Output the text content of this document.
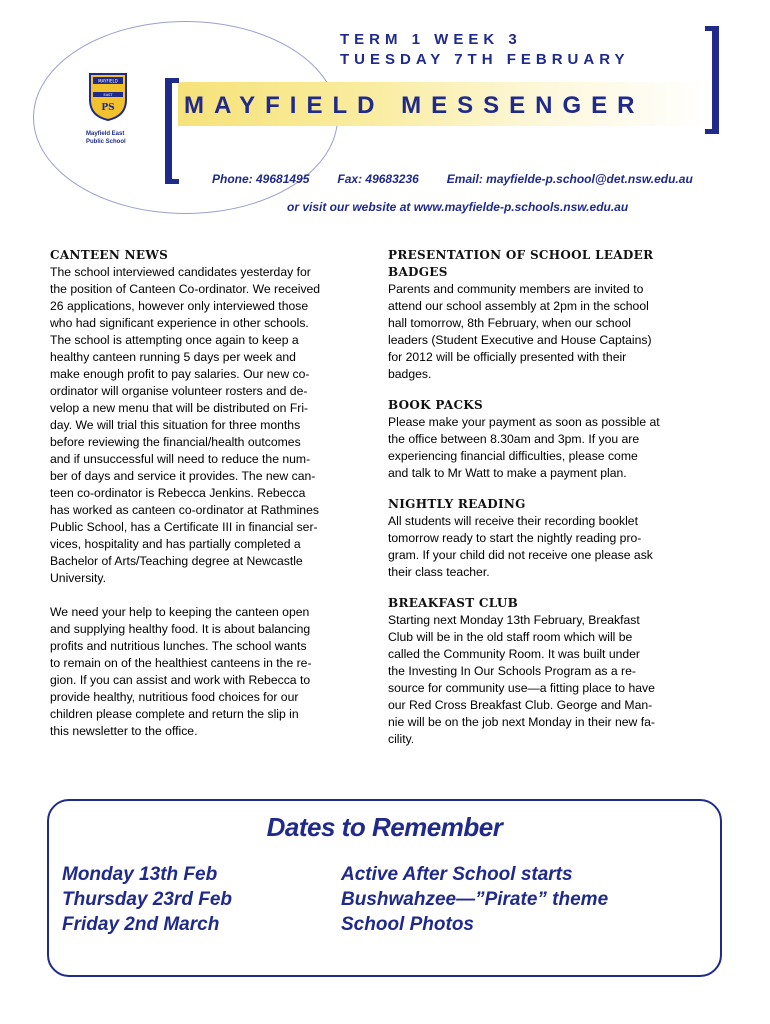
MAYFIELD
EAST
PS
Mayfield East
Public School
TERM 1 WEEK 3
TUESDAY 7TH FEBRUARY
MAYFIELD MESSENGER
Phone: 49681495 Fax: 49683236 Email: mayfielde-p.school@det.nsw.edu.au
or visit our website at www.mayfielde-p.schools.nsw.edu.au
CANTEEN NEWS
The school interviewed candidates yesterday for
the position of Canteen Co-ordinator. We received
26 applications, however only interviewed those
who had significant experience in other schools.
The school is attempting once again to keep a
healthy canteen running 5 days per week and
make enough profit to pay salaries. Our new co-
ordinator will organise volunteer rosters and de-
velop a new menu that will be distributed on Fri-
day. We will trial this situation for three months
before reviewing the financial/health outcomes
and if unsuccessful will need to reduce the num-
ber of days and service it provides. The new can-
teen co-ordinator is Rebecca Jenkins. Rebecca
has worked as canteen co-ordinator at Rathmines
Public School, has a Certificate III in financial ser-
vices, hospitality and has partially completed a
Bachelor of Arts/Teaching degree at Newcastle
University.
We need your help to keeping the canteen open
and supplying healthy food. It is about balancing
profits and nutritious lunches. The school wants
to remain on of the healthiest canteens in the re-
gion. If you can assist and work with Rebecca to
provide healthy, nutritious food choices for our
children please complete and return the slip in
this newsletter to the office.
PRESENTATION OF SCHOOL LEADER
BADGES
Parents and community members are invited to
attend our school assembly at 2pm in the school
hall tomorrow, 8th February, when our school
leaders (Student Executive and House Captains)
for 2012 will be officially presented with their
badges.
BOOK PACKS
Please make your payment as soon as possible at
the office between 8.30am and 3pm. If you are
experiencing financial difficulties, please come
and talk to Mr Watt to make a payment plan.
NIGHTLY READING
All students will receive their recording booklet
tomorrow ready to start the nightly reading pro-
gram. If your child did not receive one please ask
their class teacher.
BREAKFAST CLUB
Starting next Monday 13th February, Breakfast
Club will be in the old staff room which will be
called the Community Room. It was built under
the Investing In Our Schools Program as a re-
source for community use—a fitting place to have
our Red Cross Breakfast Club. George and Man-
nie will be on the job next Monday in their new fa-
cility.
Dates to Remember
Monday 13th Feb
Thursday 23rd Feb
Friday 2nd March
Active After School starts
Bushwahzee—”Pirate” theme
School Photos
